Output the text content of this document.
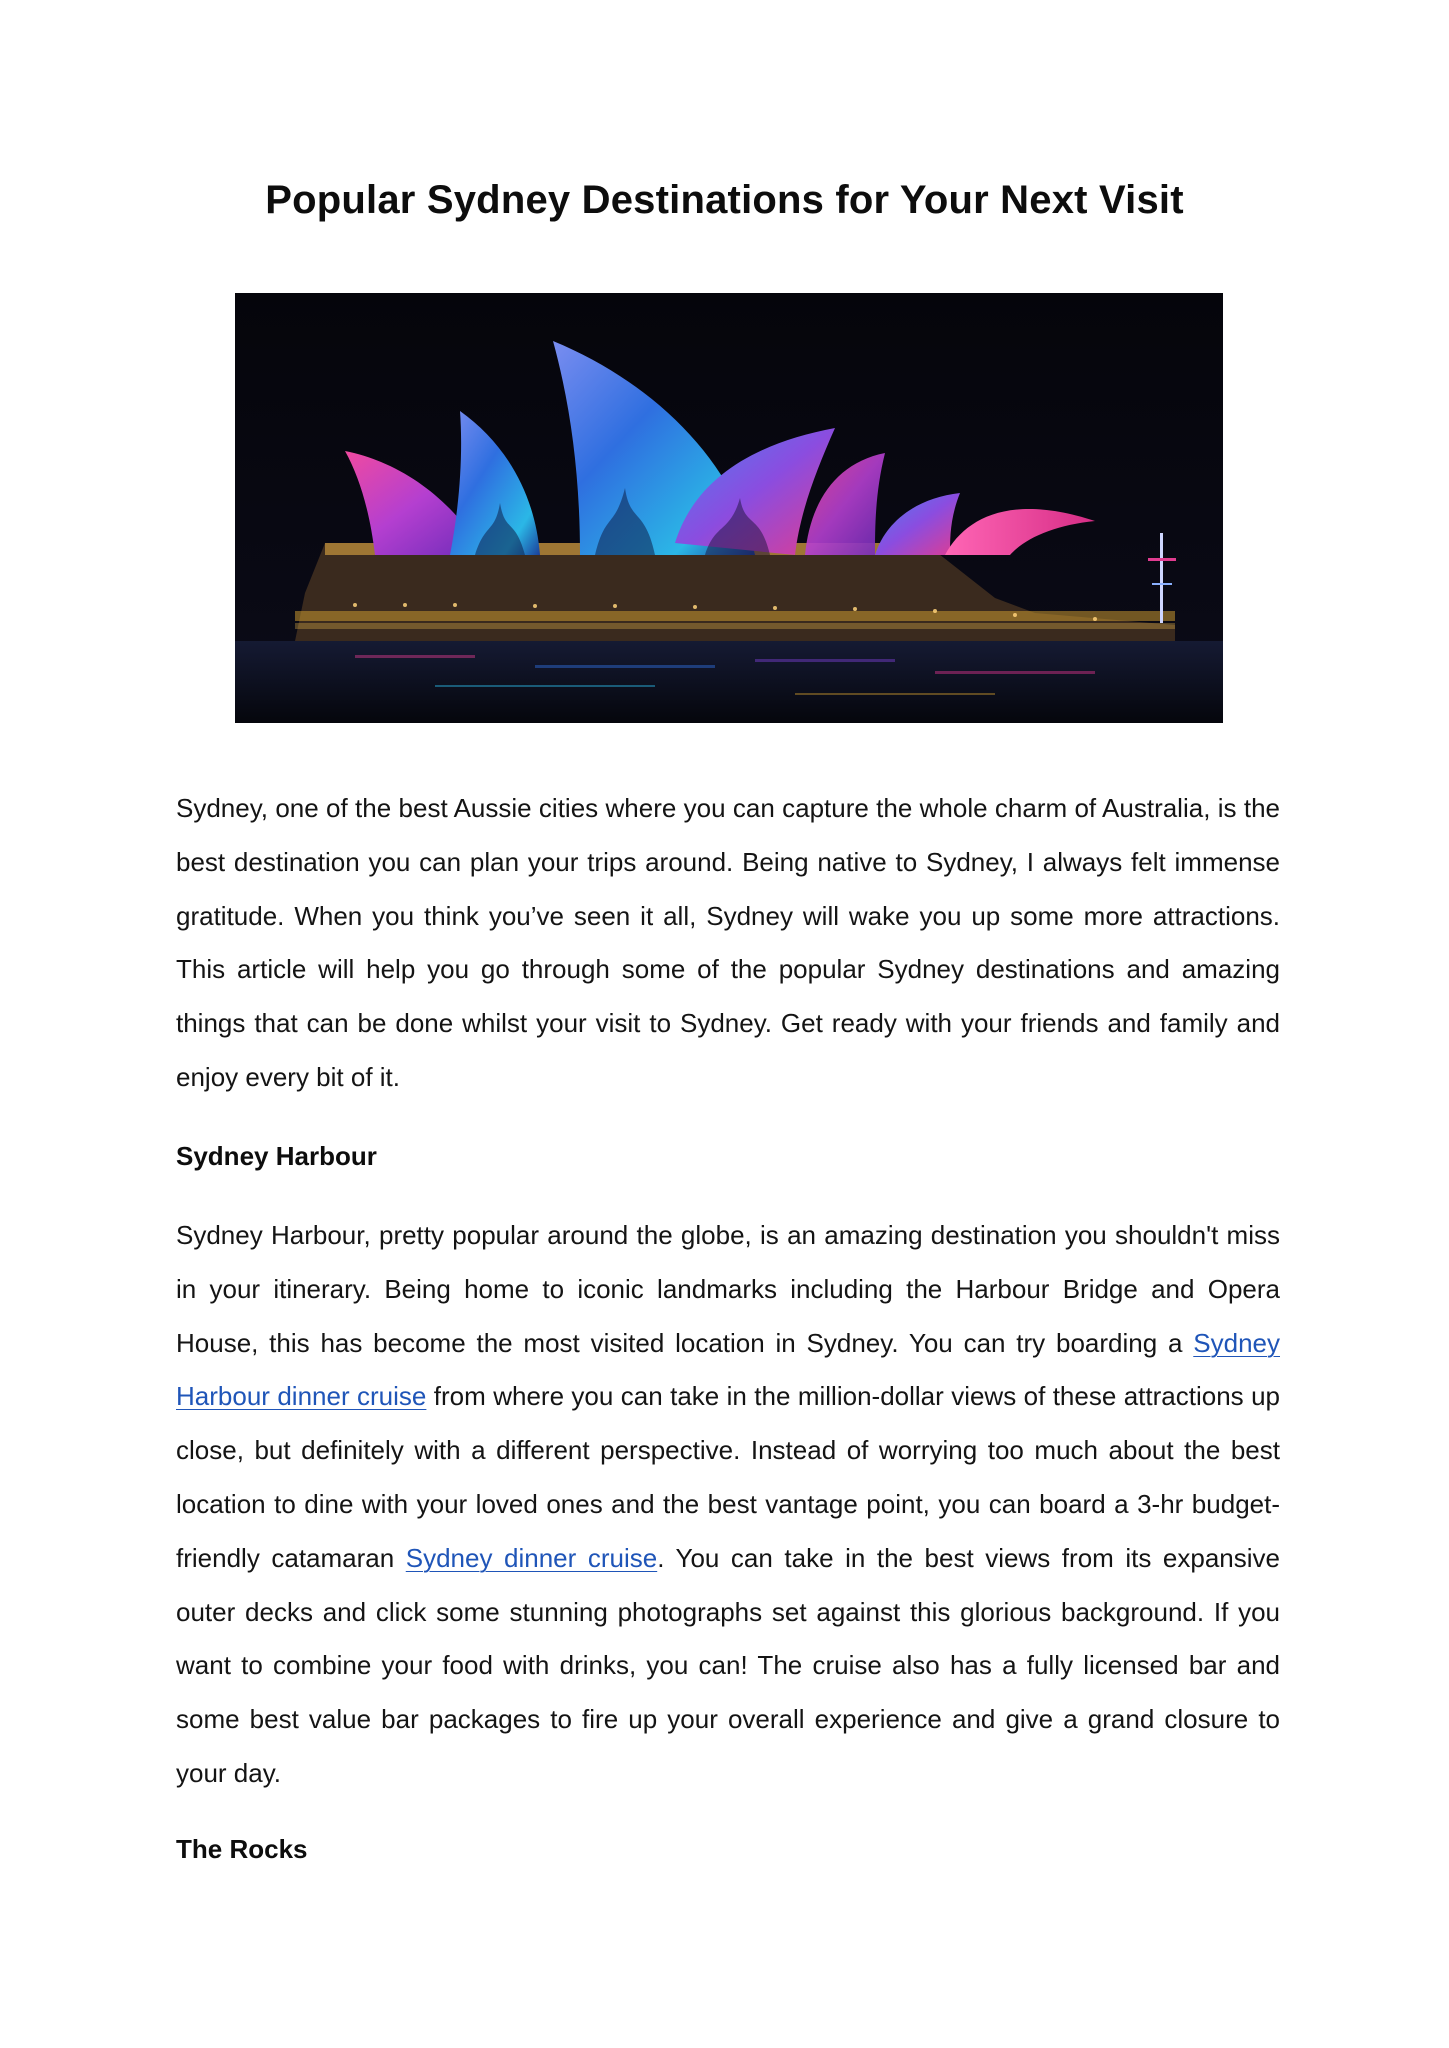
Popular Sydney Destinations for Your Next Visit

Sydney, one of the best Aussie cities where you can capture the whole charm of Australia, is the best destination you can plan your trips around. Being native to Sydney, I always felt immense gratitude. When you think you’ve seen it all, Sydney will wake you up some more attractions. This article will help you go through some of the popular Sydney destinations and amazing things that can be done whilst your visit to Sydney. Get ready with your friends and family and enjoy every bit of it.

Sydney Harbour

Sydney Harbour, pretty popular around the globe, is an amazing destination you shouldn't miss in your itinerary. Being home to iconic landmarks including the Harbour Bridge and Opera House, this has become the most visited location in Sydney. You can try boarding a Sydney Harbour dinner cruise from where you can take in the million-dollar views of these attractions up close, but definitely with a different perspective. Instead of worrying too much about the best location to dine with your loved ones and the best vantage point, you can board a 3-hr budget-friendly catamaran Sydney dinner cruise. You can take in the best views from its expansive outer decks and click some stunning photographs set against this glorious background. If you want to combine your food with drinks, you can! The cruise also has a fully licensed bar and some best value bar packages to fire up your overall experience and give a grand closure to your day.

The Rocks
